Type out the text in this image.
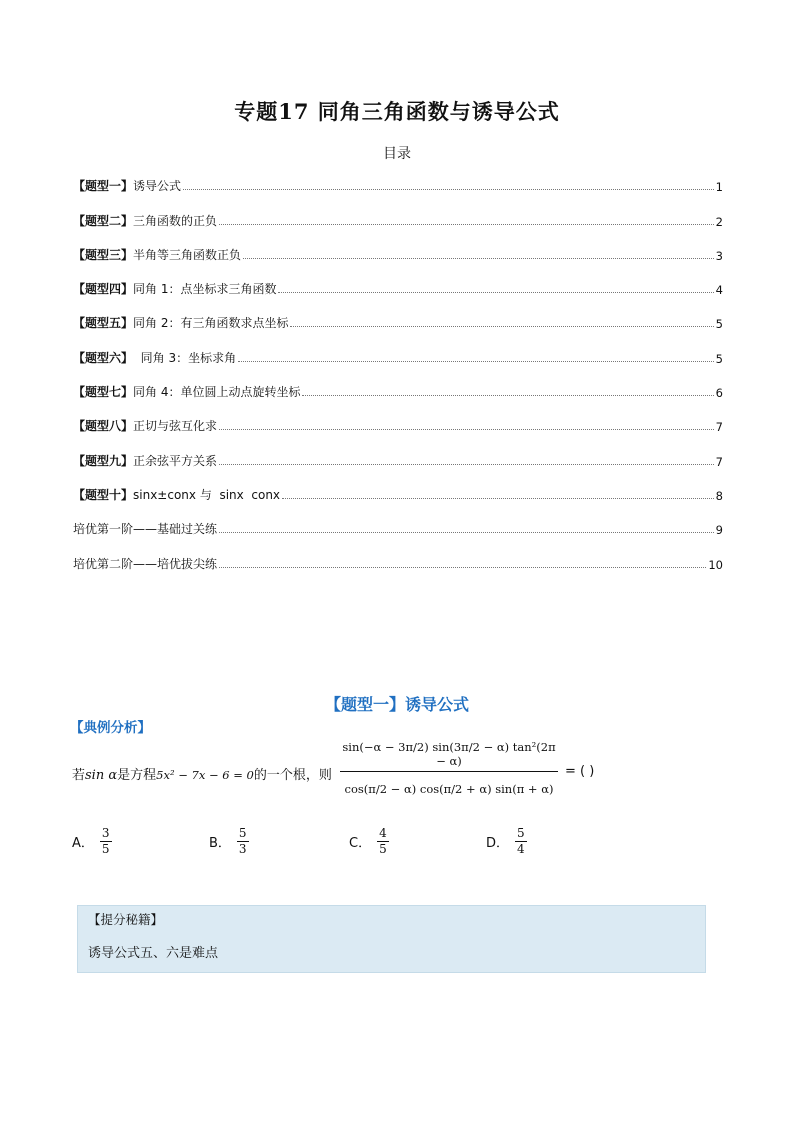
专题17 同角三角函数与诱导公式
目录
【题型一】诱导公式	1
【题型二】三角函数的正负	2
【题型三】半角等三角函数正负	3
【题型四】同角 1：点坐标求三角函数	4
【题型五】同角 2：有三角函数求点坐标	5
【题型六】  同角 3：坐标求角	5
【题型七】同角 4：单位圆上动点旋转坐标	6
【题型八】正切与弦互化求	7
【题型九】正余弦平方关系	7
【题型十】sinx±conx 与  sinx  conx	8
培优第一阶——基础过关练	9
培优第二阶——培优拔尖练	10
【题型一】诱导公式
【典例分析】
若sin α是方程5x² − 7x − 6 = 0的一个根，则
sin(−α − 3π/2) sin(3π/2 − α) tan²(2π − α)
cos(π/2 − α) cos(π/2 + α) sin(π + α)
= ( )
A． $\frac{3}{5}$	B． $\frac{5}{3}$	C． $\frac{4}{5}$	D． $\frac{5}{4}$
【提分秘籍】
诱导公式五、六是难点
